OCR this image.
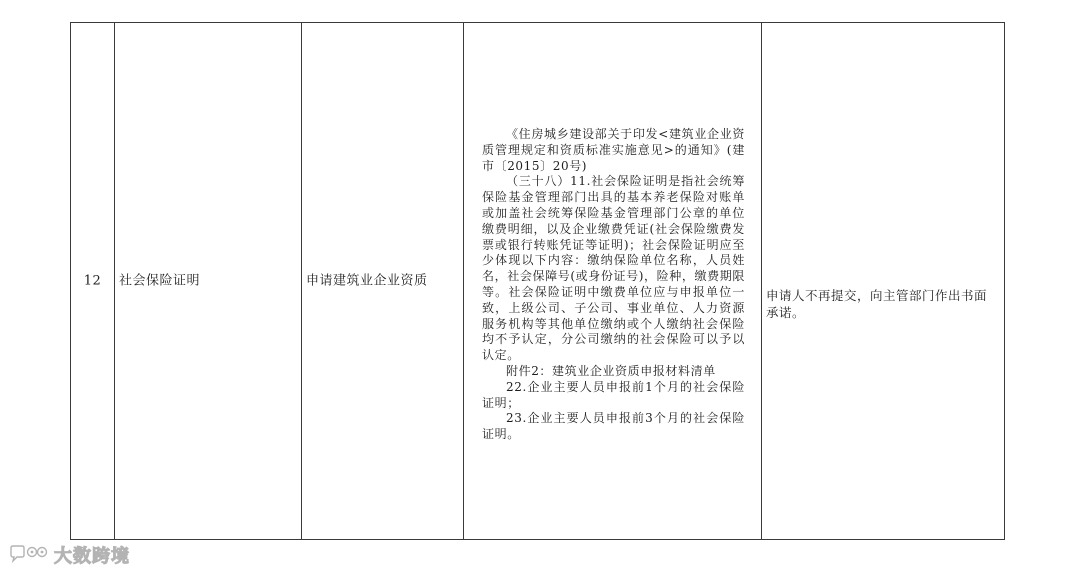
12	社会保险证明	申请建筑业企业资质

《住房城乡建设部关于印发<建筑业企业资质管理规定和资质标准实施意见>的通知》(建市〔2015〕20号)

（三十八）11.社会保险证明是指社会统筹保险基金管理部门出具的基本养老保险对账单或加盖社会统筹保险基金管理部门公章的单位缴费明细，以及企业缴费凭证(社会保险缴费发票或银行转账凭证等证明)；社会保险证明应至少体现以下内容：缴纳保险单位名称，人员姓名，社会保障号(或身份证号)，险种，缴费期限等。社会保险证明中缴费单位应与申报单位一致，上级公司、子公司、事业单位、人力资源服务机构等其他单位缴纳或个人缴纳社会保险均不予认定，分公司缴纳的社会保险可以予以认定。

附件2：建筑业企业资质申报材料清单

22.企业主要人员申报前1个月的社会保险证明；

23.企业主要人员申报前3个月的社会保险证明。

申请人不再提交，向主管部门作出书面承诺。
大数跨境
